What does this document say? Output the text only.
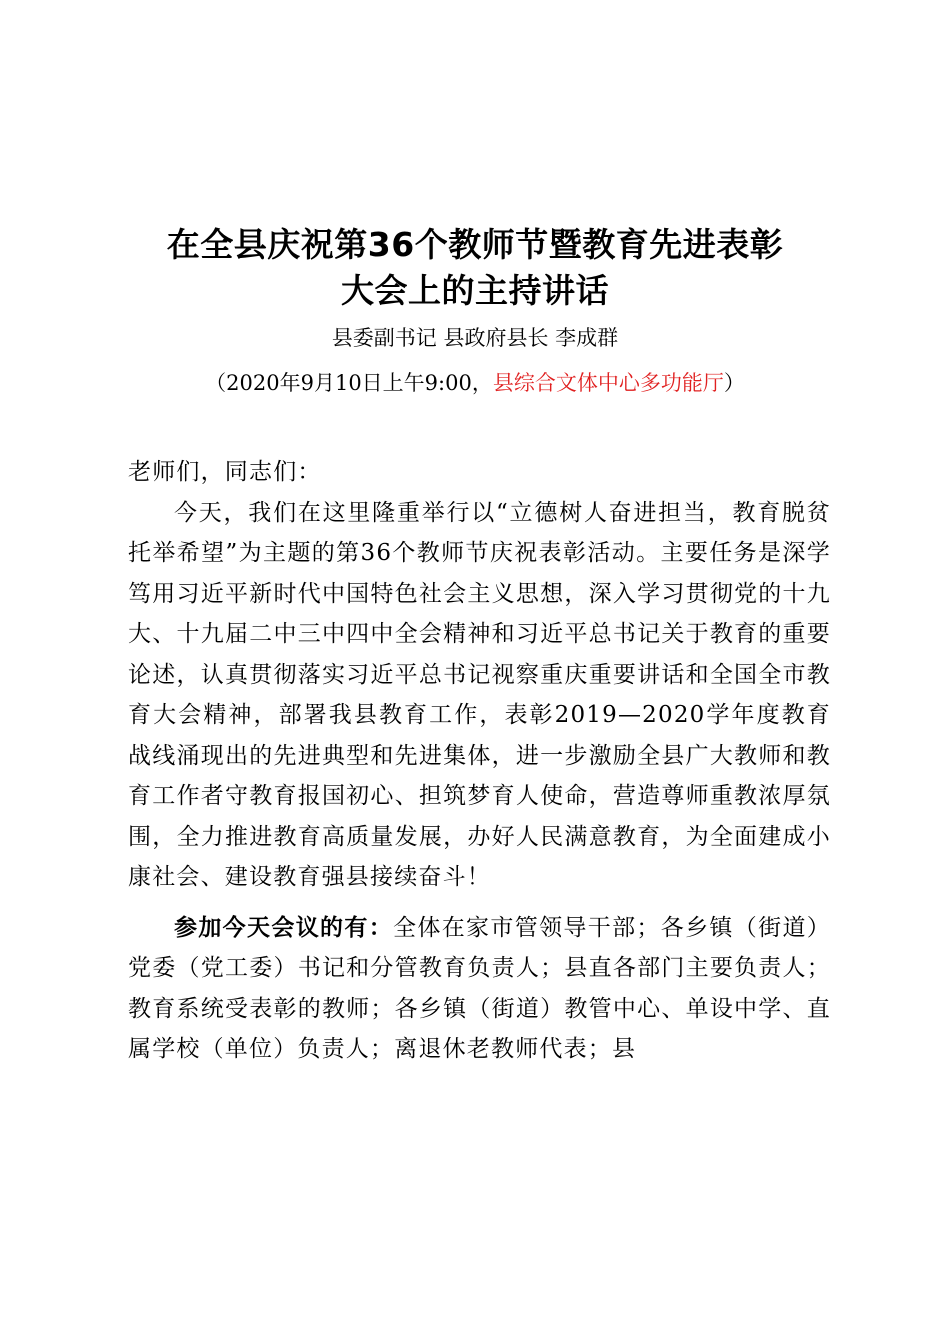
在全县庆祝第36个教师节暨教育先进表彰
大会上的主持讲话
县委副书记 县政府县长 李成群
（2020年9月10日上午9:00，县综合文体中心多功能厅）

老师们，同志们：

今天，我们在这里隆重举行以“立德树人奋进担当，教育脱贫托举希望”为主题的第36个教师节庆祝表彰活动。主要任务是深学笃用习近平新时代中国特色社会主义思想，深入学习贯彻党的十九大、十九届二中三中四中全会精神和习近平总书记关于教育的重要论述，认真贯彻落实习近平总书记视察重庆重要讲话和全国全市教育大会精神，部署我县教育工作，表彰2019—2020学年度教育战线涌现出的先进典型和先进集体，进一步激励全县广大教师和教育工作者守教育报国初心、担筑梦育人使命，营造尊师重教浓厚氛围，全力推进教育高质量发展，办好人民满意教育，为全面建成小康社会、建设教育强县接续奋斗！

参加今天会议的有：全体在家市管领导干部；各乡镇（街道）党委（党工委）书记和分管教育负责人；县直各部门主要负责人；教育系统受表彰的教师；各乡镇（街道）教管中心、单设中学、直属学校（单位）负责人；离退休老教师代表；县
